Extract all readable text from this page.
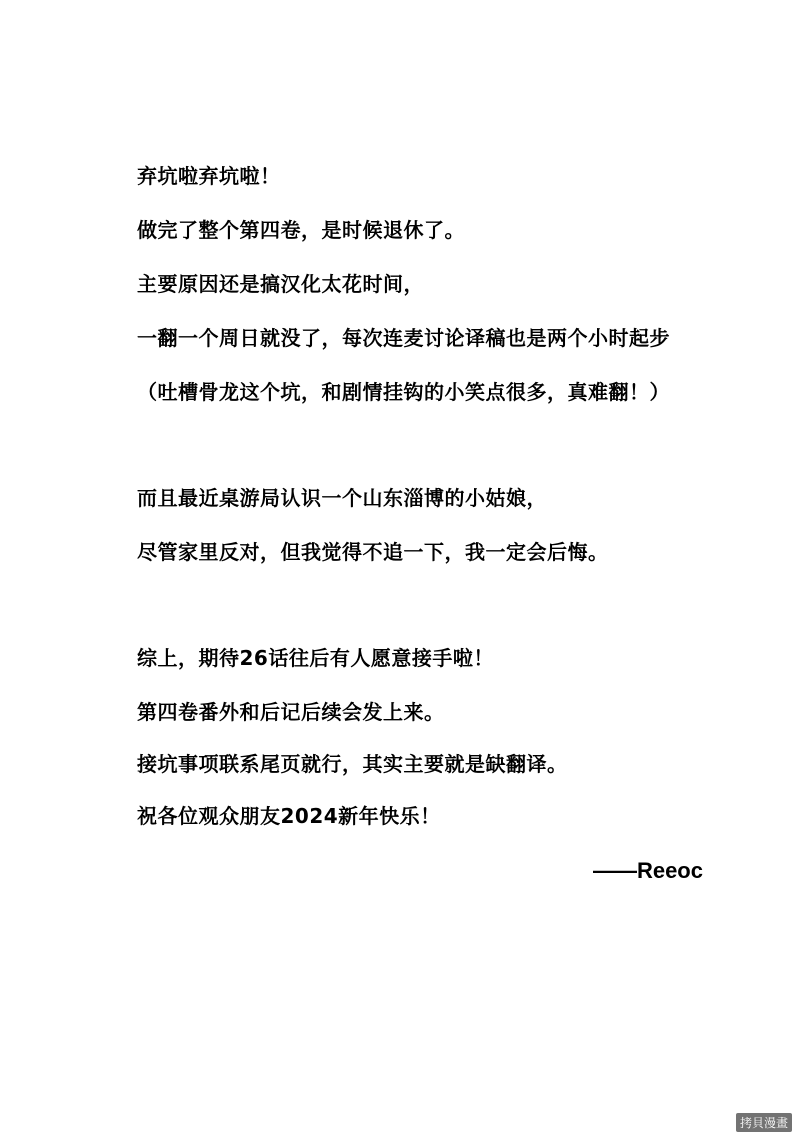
弃坑啦弃坑啦！
做完了整个第四卷，是时候退休了。
主要原因还是搞汉化太花时间，
一翻一个周日就没了，每次连麦讨论译稿也是两个小时起步
（吐槽骨龙这个坑，和剧情挂钩的小笑点很多，真难翻！）
而且最近桌游局认识一个山东淄博的小姑娘，
尽管家里反对，但我觉得不追一下，我一定会后悔。
综上，期待26话往后有人愿意接手啦！
第四卷番外和后记后续会发上来。
接坑事项联系尾页就行，其实主要就是缺翻译。
祝各位观众朋友2024新年快乐！
——Reeoc
拷貝漫畫
